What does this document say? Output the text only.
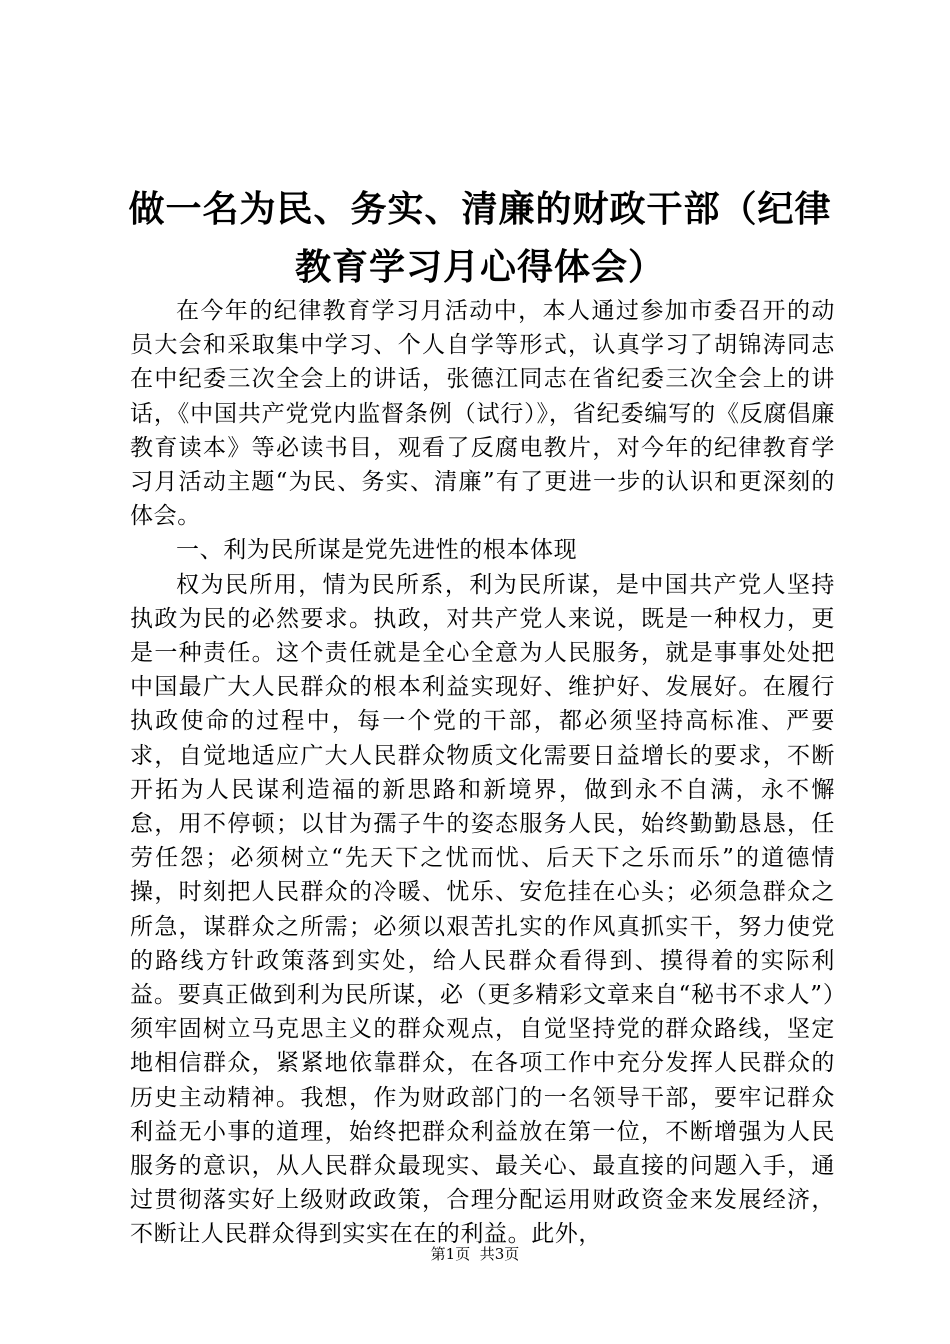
做一名为民、务实、清廉的财政干部（纪律教育学习月心得体会）

在今年的纪律教育学习月活动中，本人通过参加市委召开的动员大会和采取集中学习、个人自学等形式，认真学习了胡锦涛同志在中纪委三次全会上的讲话，张德江同志在省纪委三次全会上的讲话，《中国共产党党内监督条例（试行）》，省纪委编写的《反腐倡廉教育读本》等必读书目，观看了反腐电教片，对今年的纪律教育学习月活动主题“为民、务实、清廉”有了更进一步的认识和更深刻的体会。

一、利为民所谋是党先进性的根本体现

权为民所用，情为民所系，利为民所谋，是中国共产党人坚持执政为民的必然要求。执政，对共产党人来说，既是一种权力，更是一种责任。这个责任就是全心全意为人民服务，就是事事处处把中国最广大人民群众的根本利益实现好、维护好、发展好。在履行执政使命的过程中，每一个党的干部，都必须坚持高标准、严要求，自觉地适应广大人民群众物质文化需要日益增长的要求，不断开拓为人民谋利造福的新思路和新境界，做到永不自满，永不懈怠，用不停顿；以甘为孺子牛的姿态服务人民，始终勤勤恳恳，任劳任怨；必须树立“先天下之忧而忧、后天下之乐而乐”的道德情操，时刻把人民群众的冷暖、忧乐、安危挂在心头；必须急群众之所急，谋群众之所需；必须以艰苦扎实的作风真抓实干，努力使党的路线方针政策落到实处，给人民群众看得到、摸得着的实际利益。要真正做到利为民所谋，必（更多精彩文章来自“秘书不求人”）须牢固树立马克思主义的群众观点，自觉坚持党的群众路线，坚定地相信群众，紧紧地依靠群众，在各项工作中充分发挥人民群众的历史主动精神。我想，作为财政部门的一名领导干部，要牢记群众利益无小事的道理，始终把群众利益放在第一位，不断增强为人民服务的意识，从人民群众最现实、最关心、最直接的问题入手，通过贯彻落实好上级财政政策，合理分配运用财政资金来发展经济，不断让人民群众得到实实在在的利益。此外，

第1页 共3页
